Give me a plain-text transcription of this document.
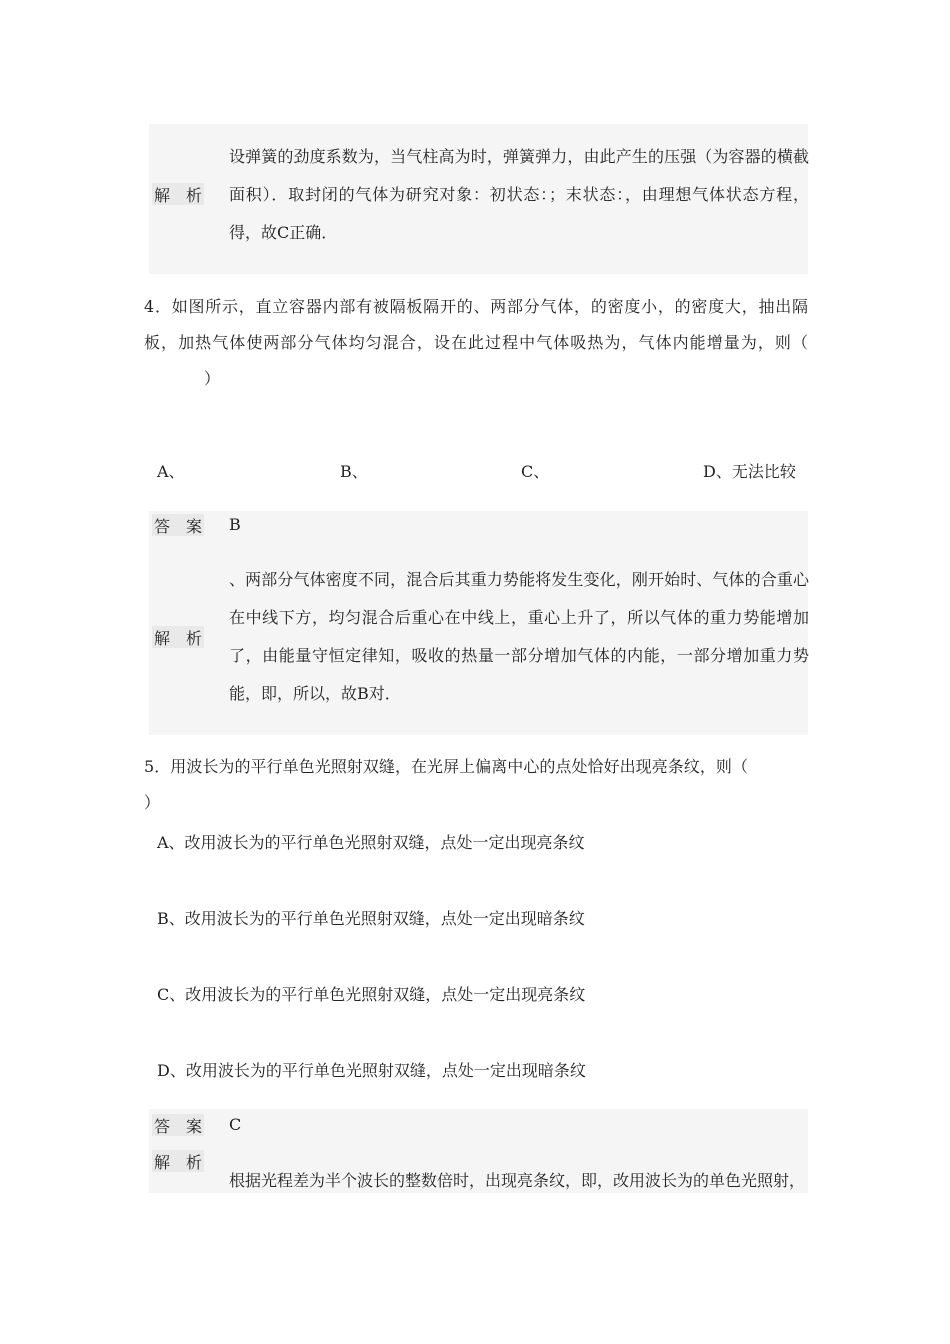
解 析
设弹簧的劲度系数为，当气柱高为时，弹簧弹力，由此产生的压强（为容器的横截面积）．取封闭的气体为研究对象：初状态：；末状态：，由理想气体状态方程，得，故C正确．
4．如图所示，直立容器内部有被隔板隔开的、两部分气体，的密度小，的密度大，抽出隔板，加热气体使两部分气体均匀混合，设在此过程中气体吸热为，气体内能增量为，则（）
A、	B、	C、	D、无法比较
答 案 B
解 析
、两部分气体密度不同，混合后其重力势能将发生变化，刚开始时、气体的合重心在中线下方，均匀混合后重心在中线上，重心上升了，所以气体的重力势能增加了，由能量守恒定律知，吸收的热量一部分增加气体的内能，一部分增加重力势能，即，所以，故B对．
5．用波长为的平行单色光照射双缝，在光屏上偏离中心的点处恰好出现亮条纹，则（）
A、改用波长为的平行单色光照射双缝，点处一定出现亮条纹
B、改用波长为的平行单色光照射双缝，点处一定出现暗条纹
C、改用波长为的平行单色光照射双缝，点处一定出现亮条纹
D、改用波长为的平行单色光照射双缝，点处一定出现暗条纹
答 案 C
解 析
根据光程差为半个波长的整数倍时，出现亮条纹，即，改用波长为的单色光照射，
